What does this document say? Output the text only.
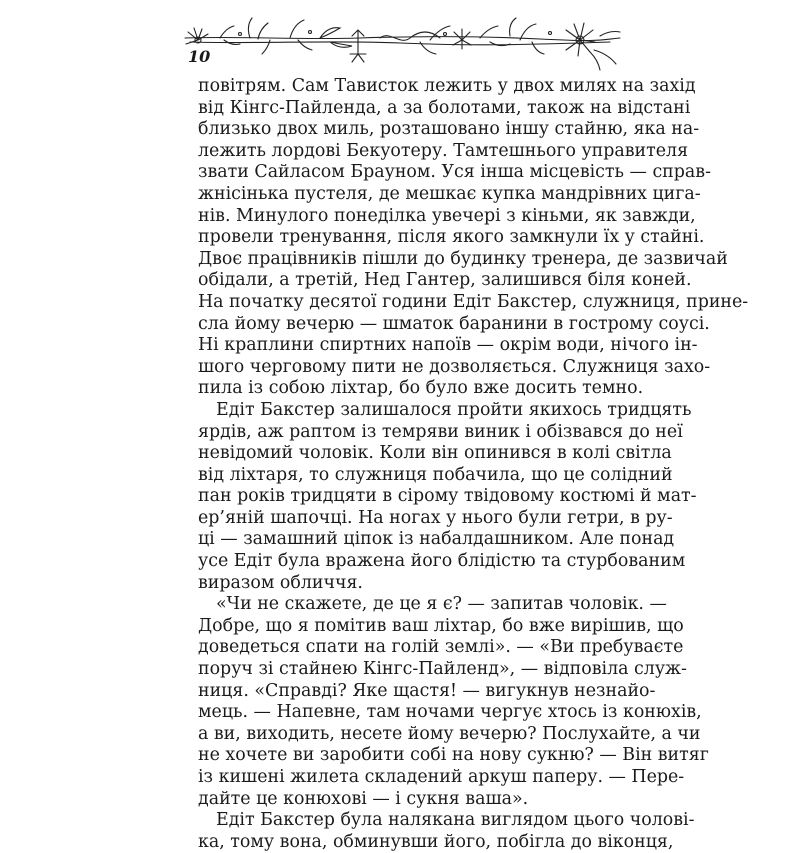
10
повітрям. Сам Тависток лежить у двох милях на захід
від Кінгс-Пайленда, а за болотами, також на відстані
близько двох миль, розташовано іншу стайню, яка на-
лежить лордові Бекуотеру. Тамтешнього управителя
звати Сайласом Брауном. Уся інша місцевість — справ-
жнісінька пустеля, де мешкає купка мандрівних цига-
нів. Минулого понеділка увечері з кіньми, як завжди,
провели тренування, після якого замкнули їх у стайні.
Двоє працівників пішли до будинку тренера, де зазвичай
обідали, а третій, Нед Гантер, залишився біля коней.
На початку десятої години Едіт Бакстер, служниця, прине-
сла йому вечерю — шматок баранини в гострому соусі.
Ні краплини спиртних напоїв — окрім води, нічого ін-
шого черговому пити не дозволяється. Служниця захо-
пила із собою ліхтар, бо було вже досить темно.
Едіт Бакстер залишалося пройти якихось тридцять
ярдів, аж раптом із темряви виник і обізвався до неї
невідомий чоловік. Коли він опинився в колі світла
від ліхтаря, то служниця побачила, що це солідний
пан років тридцяти в сірому твідовому костюмі й мат-
ер’яній шапочці. На ногах у нього були гетри, в ру-
ці — замашний ціпок із набалдашником. Але понад
усе Едіт була вражена його блідістю та стурбованим
виразом обличчя.
«Чи не скажете, де це я є? — запитав чоловік. —
Добре, що я помітив ваш ліхтар, бо вже вирішив, що
доведеться спати на голій землі». — «Ви пребуваєте
поруч зі стайнею Кінгс-Пайленд», — відповіла служ-
ниця. «Справді? Яке щастя! — вигукнув незнайо-
мець. — Напевне, там ночами чергує хтось із конюхів,
а ви, виходить, несете йому вечерю? Послухайте, а чи
не хочете ви заробити собі на нову сукню? — Він витяг
із кишені жилета складений аркуш паперу. — Пере-
дайте це конюхові — і сукня ваша».
Едіт Бакстер була налякана виглядом цього чолові-
ка, тому вона, обминувши його, побігла до віконця,
